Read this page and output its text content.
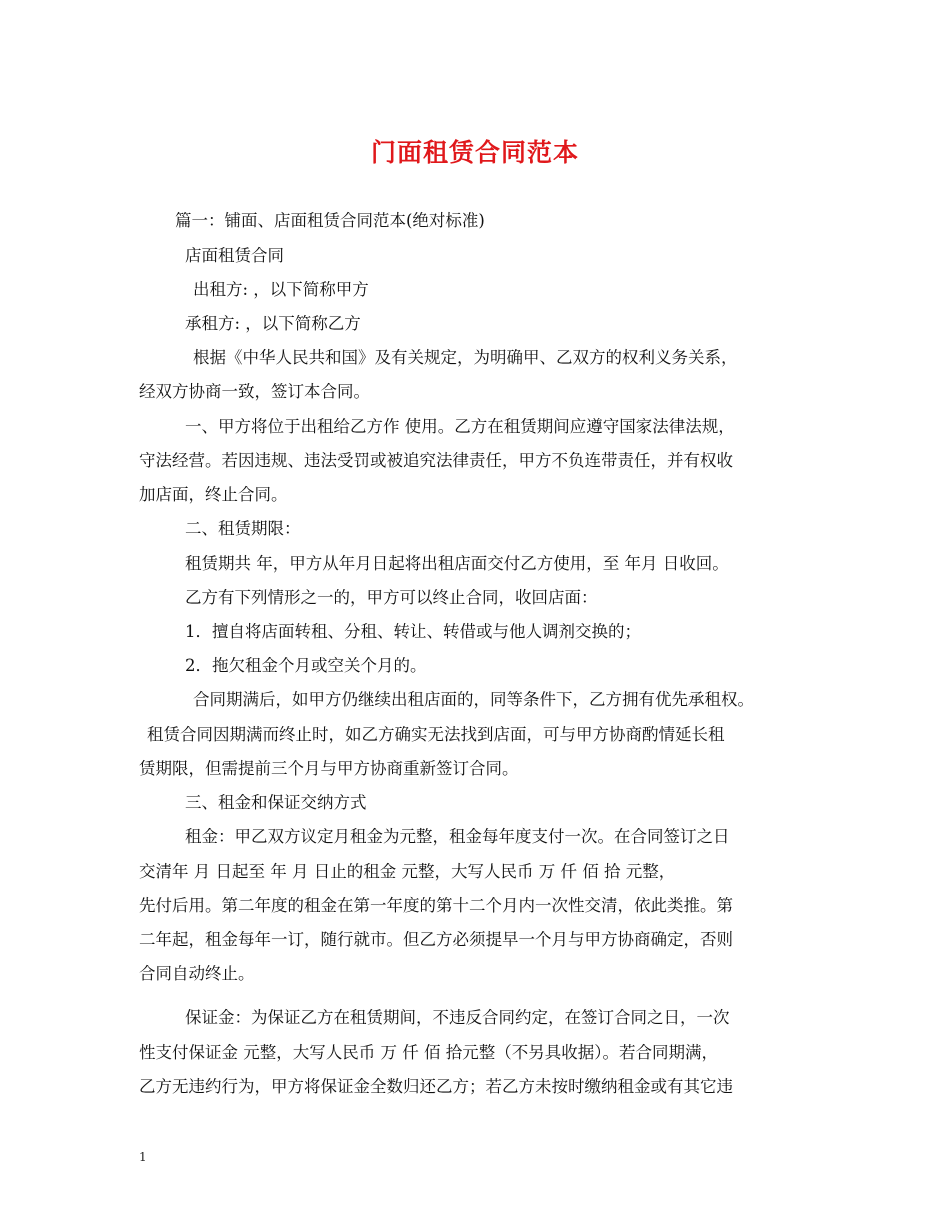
门面租赁合同范本
篇一：铺面、店面租赁合同范本(绝对标准)
店面租赁合同
出租方: ，以下简称甲方
承租方: ，以下简称乙方
根据《中华人民共和国》及有关规定，为明确甲、乙双方的权利义务关系，
经双方协商一致，签订本合同。
一、甲方将位于出租给乙方作 使用。乙方在租赁期间应遵守国家法律法规，
守法经营。若因违规、违法受罚或被追究法律责任，甲方不负连带责任，并有权收
加店面，终止合同。
二、租赁期限：
租赁期共 年，甲方从年月日起将出租店面交付乙方使用，至 年月 日收回。
乙方有下列情形之一的，甲方可以终止合同，收回店面：
1．擅自将店面转租、分租、转让、转借或与他人调剂交换的；
2．拖欠租金个月或空关个月的。
合同期满后，如甲方仍继续出租店面的，同等条件下，乙方拥有优先承租权。
租赁合同因期满而终止时，如乙方确实无法找到店面，可与甲方协商酌情延长租
赁期限，但需提前三个月与甲方协商重新签订合同。
三、租金和保证交纳方式
租金：甲乙双方议定月租金为元整，租金每年度支付一次。在合同签订之日
交清年 月 日起至 年 月 日止的租金 元整，大写人民币 万 仟 佰 拾 元整，
先付后用。第二年度的租金在第一年度的第十二个月内一次性交清，依此类推。第
二年起，租金每年一订，随行就市。但乙方必须提早一个月与甲方协商确定，否则
合同自动终止。
保证金：为保证乙方在租赁期间，不违反合同约定，在签订合同之日，一次
性支付保证金 元整，大写人民币 万 仟 佰 拾元整（不另具收据）。若合同期满，
乙方无违约行为，甲方将保证金全数归还乙方；若乙方未按时缴纳租金或有其它违
1
